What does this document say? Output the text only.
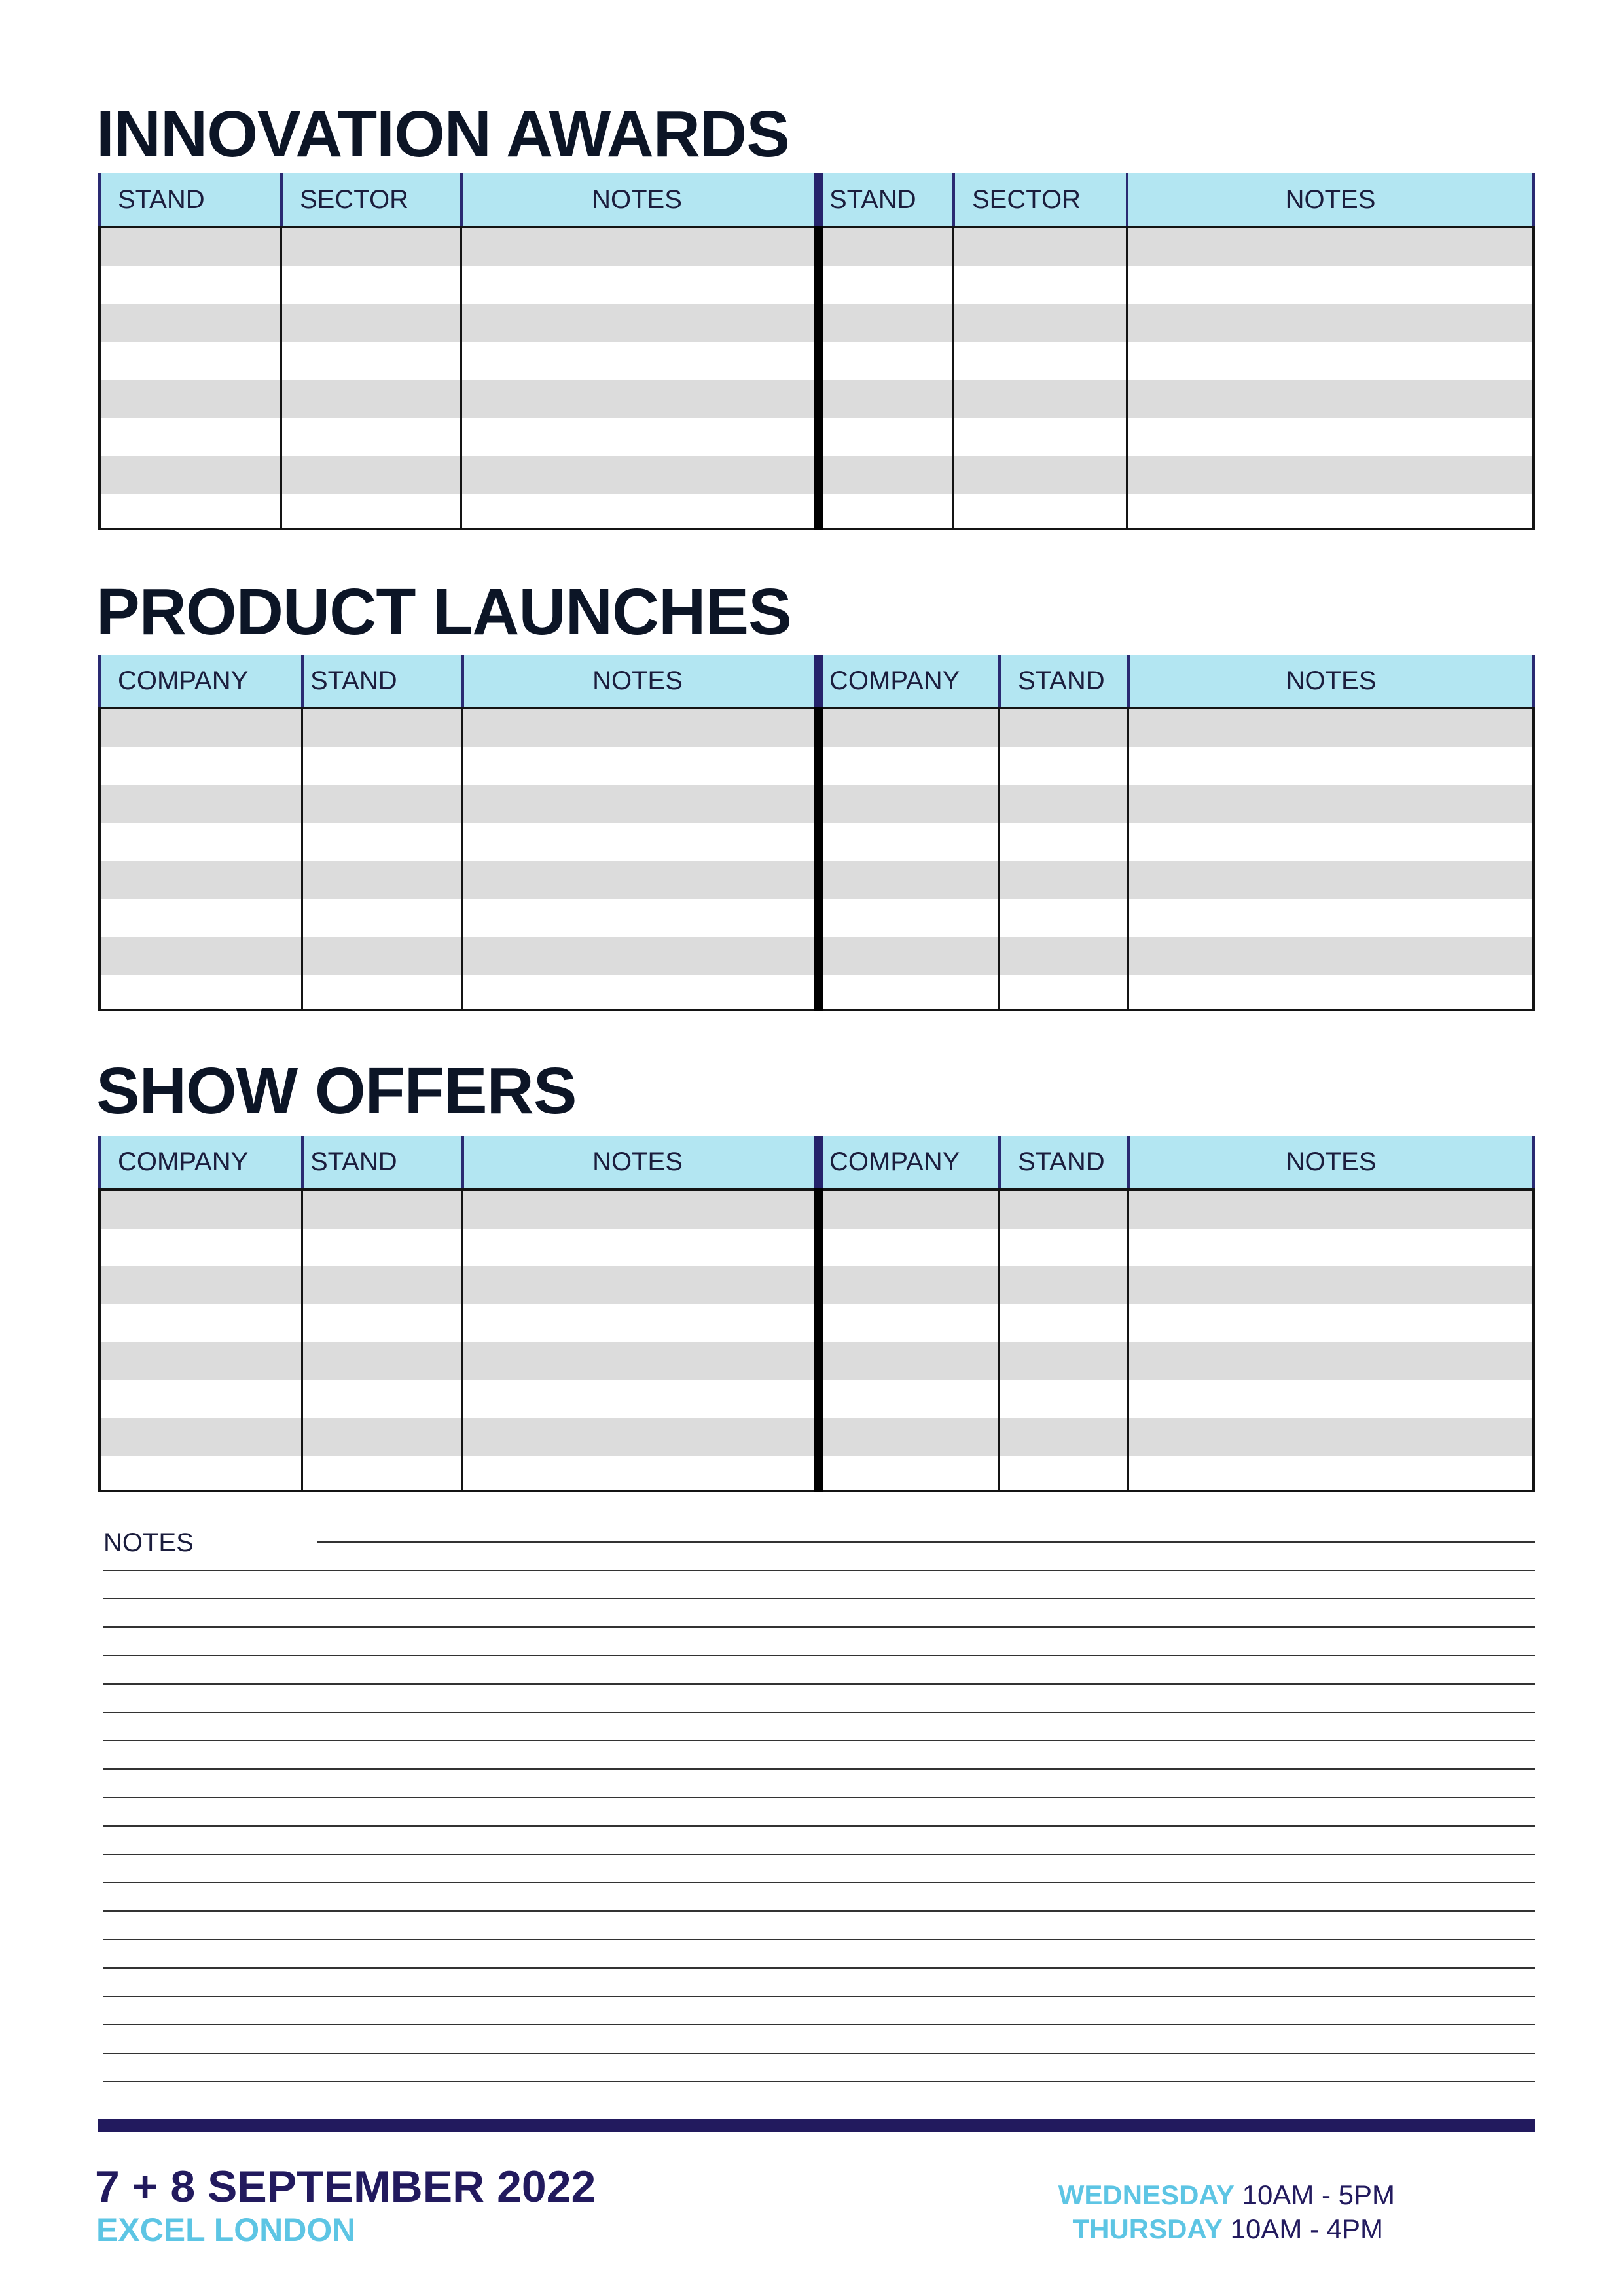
INNOVATION AWARDS
STAND	SECTOR	NOTES	STAND	SECTOR	NOTES
PRODUCT LAUNCHES
COMPANY	STAND	NOTES	COMPANY	STAND	NOTES
SHOW OFFERS
COMPANY	STAND	NOTES	COMPANY	STAND	NOTES
NOTES
7 + 8 SEPTEMBER 2022
EXCEL LONDON
WEDNESDAY 10AM - 5PM
THURSDAY 10AM - 4PM
